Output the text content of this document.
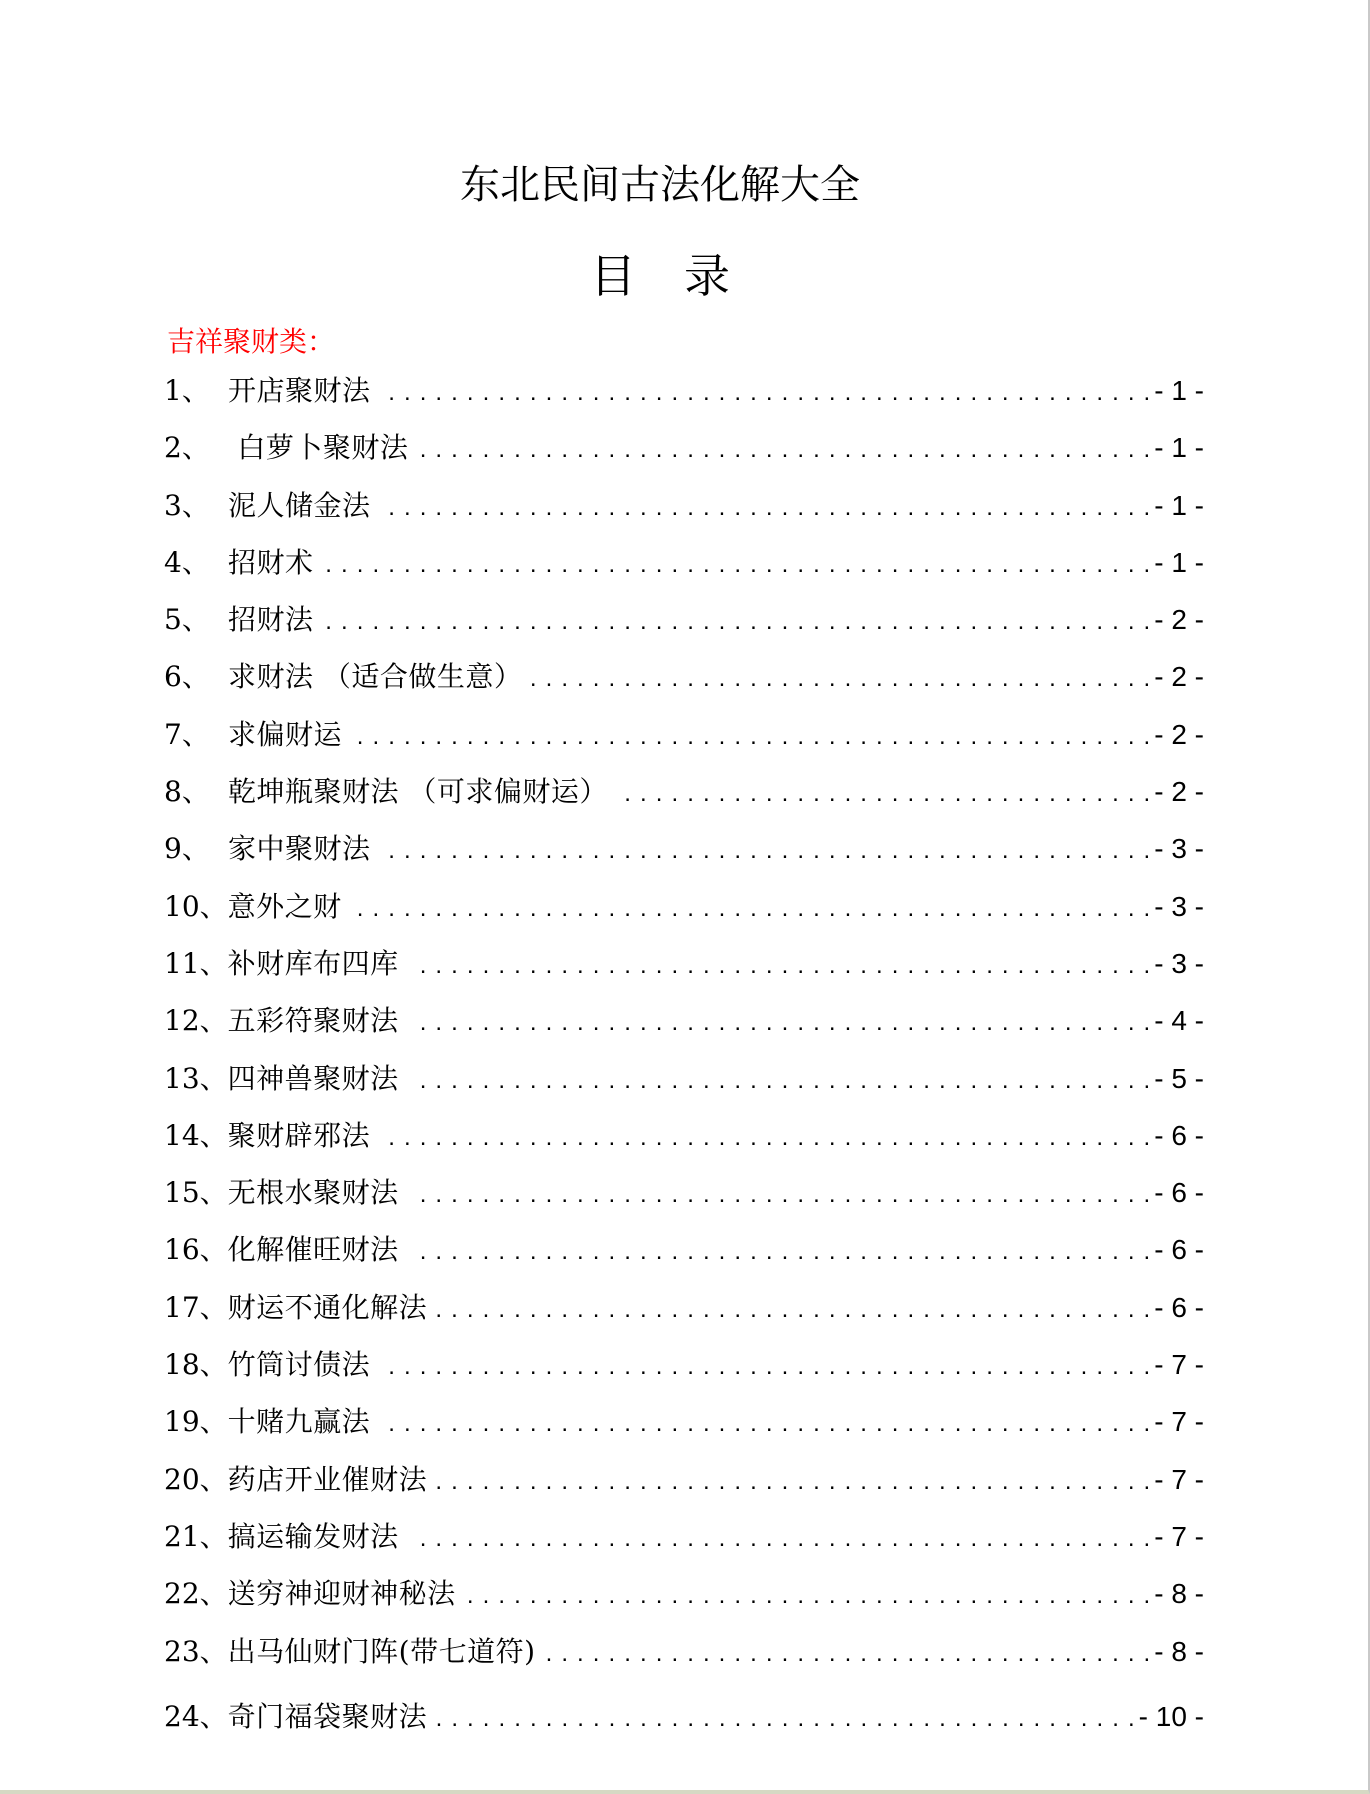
东北民间古法化解大全
目 录
吉祥聚财类：
1、 开店聚财法 . . .	- 1 -
2、 白萝卜聚财法 . . .	- 1 -
3、 泥人储金法 . . .	- 1 -
4、 招财术 . . .	- 1 -
5、 招财法 . . .	- 2 -
6、 求财法 （适合做生意） . . .	- 2 -
7、 求偏财运 . . .	- 2 -
8、 乾坤瓶聚财法 （可求偏财运） . . .	- 2 -
9、 家中聚财法 . . .	- 3 -
10、 意外之财 . . .	- 3 -
11、 补财库布四库 . . .	- 3 -
12、 五彩符聚财法 . . .	- 4 -
13、 四神兽聚财法 . . .	- 5 -
14、 聚财辟邪法 . . .	- 6 -
15、 无根水聚财法 . . .	- 6 -
16、 化解催旺财法 . . .	- 6 -
17、 财运不通化解法 . . .	- 6 -
18、 竹筒讨债法 . . .	- 7 -
19、 十赌九赢法 . . .	- 7 -
20、 药店开业催财法 . . .	- 7 -
21、 搞运输发财法 . . .	- 7 -
22、 送穷神迎财神秘法 . . .	- 8 -
23、 出马仙财门阵(带七道符) . . .	- 8 -
24、 奇门福袋聚财法 . . .	- 10 -
